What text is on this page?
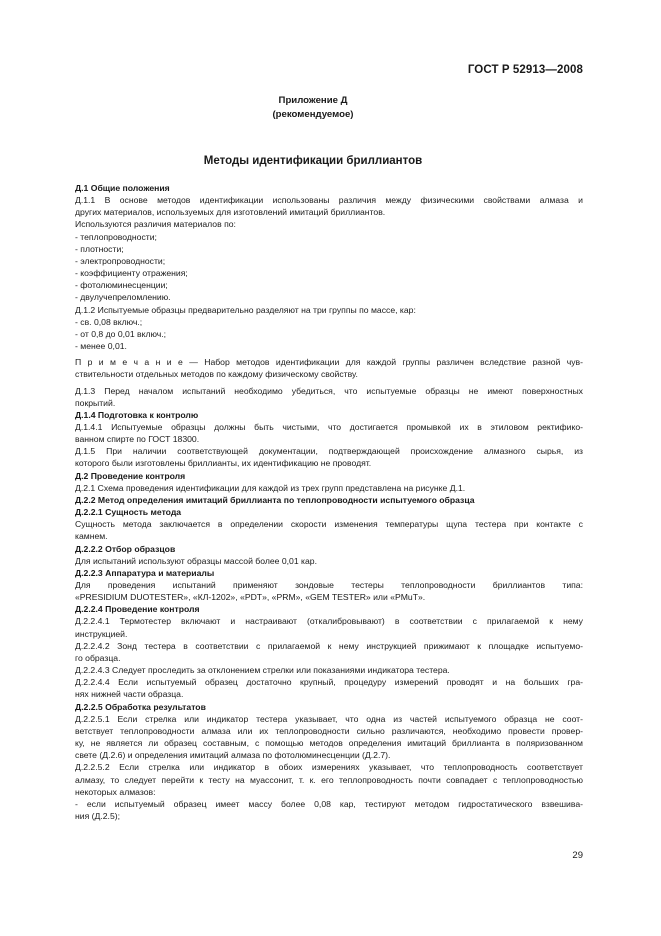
ГОСТ Р 52913—2008
Приложение Д
(рекомендуемое)
Методы идентификации бриллиантов

Д.1 Общие положения

Д.1.1 В основе методов идентификации использованы различия между физическими свойствами алмаза и

других материалов, используемых для изготовлений имитаций бриллиантов.

Используются различия материалов по:

- теплопроводности;

- плотности;

- электропроводности;

- коэффициенту отражения;

- фотолюминесценции;

- двулучепреломлению.

Д.1.2 Испытуемые образцы предварительно разделяют на три группы по массе, кар:

- св. 0,08 включ.;

- от 0,8 до 0,01 включ.;

- менее 0,01.

П р и м е ч а н и е — Набор методов идентификации для каждой группы различен вследствие разной чув-

ствительности отдельных методов по каждому физическому свойству.

Д.1.3 Перед началом испытаний необходимо убедиться, что испытуемые образцы не имеют поверхностных

покрытий.

Д.1.4 Подготовка к контролю

Д.1.4.1 Испытуемые образцы должны быть чистыми, что достигается промывкой их в этиловом ректифико-

ванном спирте по ГОСТ 18300.

Д.1.5 При наличии соответствующей документации, подтверждающей происхождение алмазного сырья, из

которого были изготовлены бриллианты, их идентификацию не проводят.

Д.2 Проведение контроля

Д.2.1 Схема проведения идентификации для каждой из трех групп представлена на рисунке Д.1.

Д.2.2 Метод определения имитаций бриллианта по теплопроводности испытуемого образца

Д.2.2.1 Сущность метода

Сущность метода заключается в определении скорости изменения температуры щупа тестера при контакте с

камнем.

Д.2.2.2 Отбор образцов

Для испытаний используют образцы массой более 0,01 кар.

Д.2.2.3 Аппаратура и материалы

Для проведения испытаний применяют зондовые тестеры теплопроводности бриллиантов типа:

«PRESIDIUM DUOTESTER», «КЛ-1202», «PDT», «PRM», «GEM TESTER» или «PMuT».

Д.2.2.4 Проведение контроля

Д.2.2.4.1 Термотестер включают и настраивают (откалибровывают) в соответствии с прилагаемой к нему

инструкцией.

Д.2.2.4.2 Зонд тестера в соответствии с прилагаемой к нему инструкцией прижимают к площадке испытуемо-

го образца.

Д.2.2.4.3 Следует проследить за отклонением стрелки или показаниями индикатора тестера.

Д.2.2.4.4 Если испытуемый образец достаточно крупный, процедуру измерений проводят и на больших гра-

нях нижней части образца.

Д.2.2.5 Обработка результатов

Д.2.2.5.1 Если стрелка или индикатор тестера указывает, что одна из частей испытуемого образца не соот-

ветствует теплопроводности алмаза или их теплопроводности сильно различаются, необходимо провести провер-

ку, не является ли образец составным, с помощью методов определения имитаций бриллианта в поляризованном

свете (Д.2.6) и определения имитаций алмаза по фотолюминесценции (Д.2.7).

Д.2.2.5.2 Если стрелка или индикатор в обоих измерениях указывает, что теплопроводность соответствует

алмазу, то следует перейти к тесту на муассонит, т. к. его теплопроводность почти совпадает с теплопроводностью

некоторых алмазов:

- если испытуемый образец имеет массу более 0,08 кар, тестируют методом гидростатического взвешива-

ния (Д.2.5);

29
